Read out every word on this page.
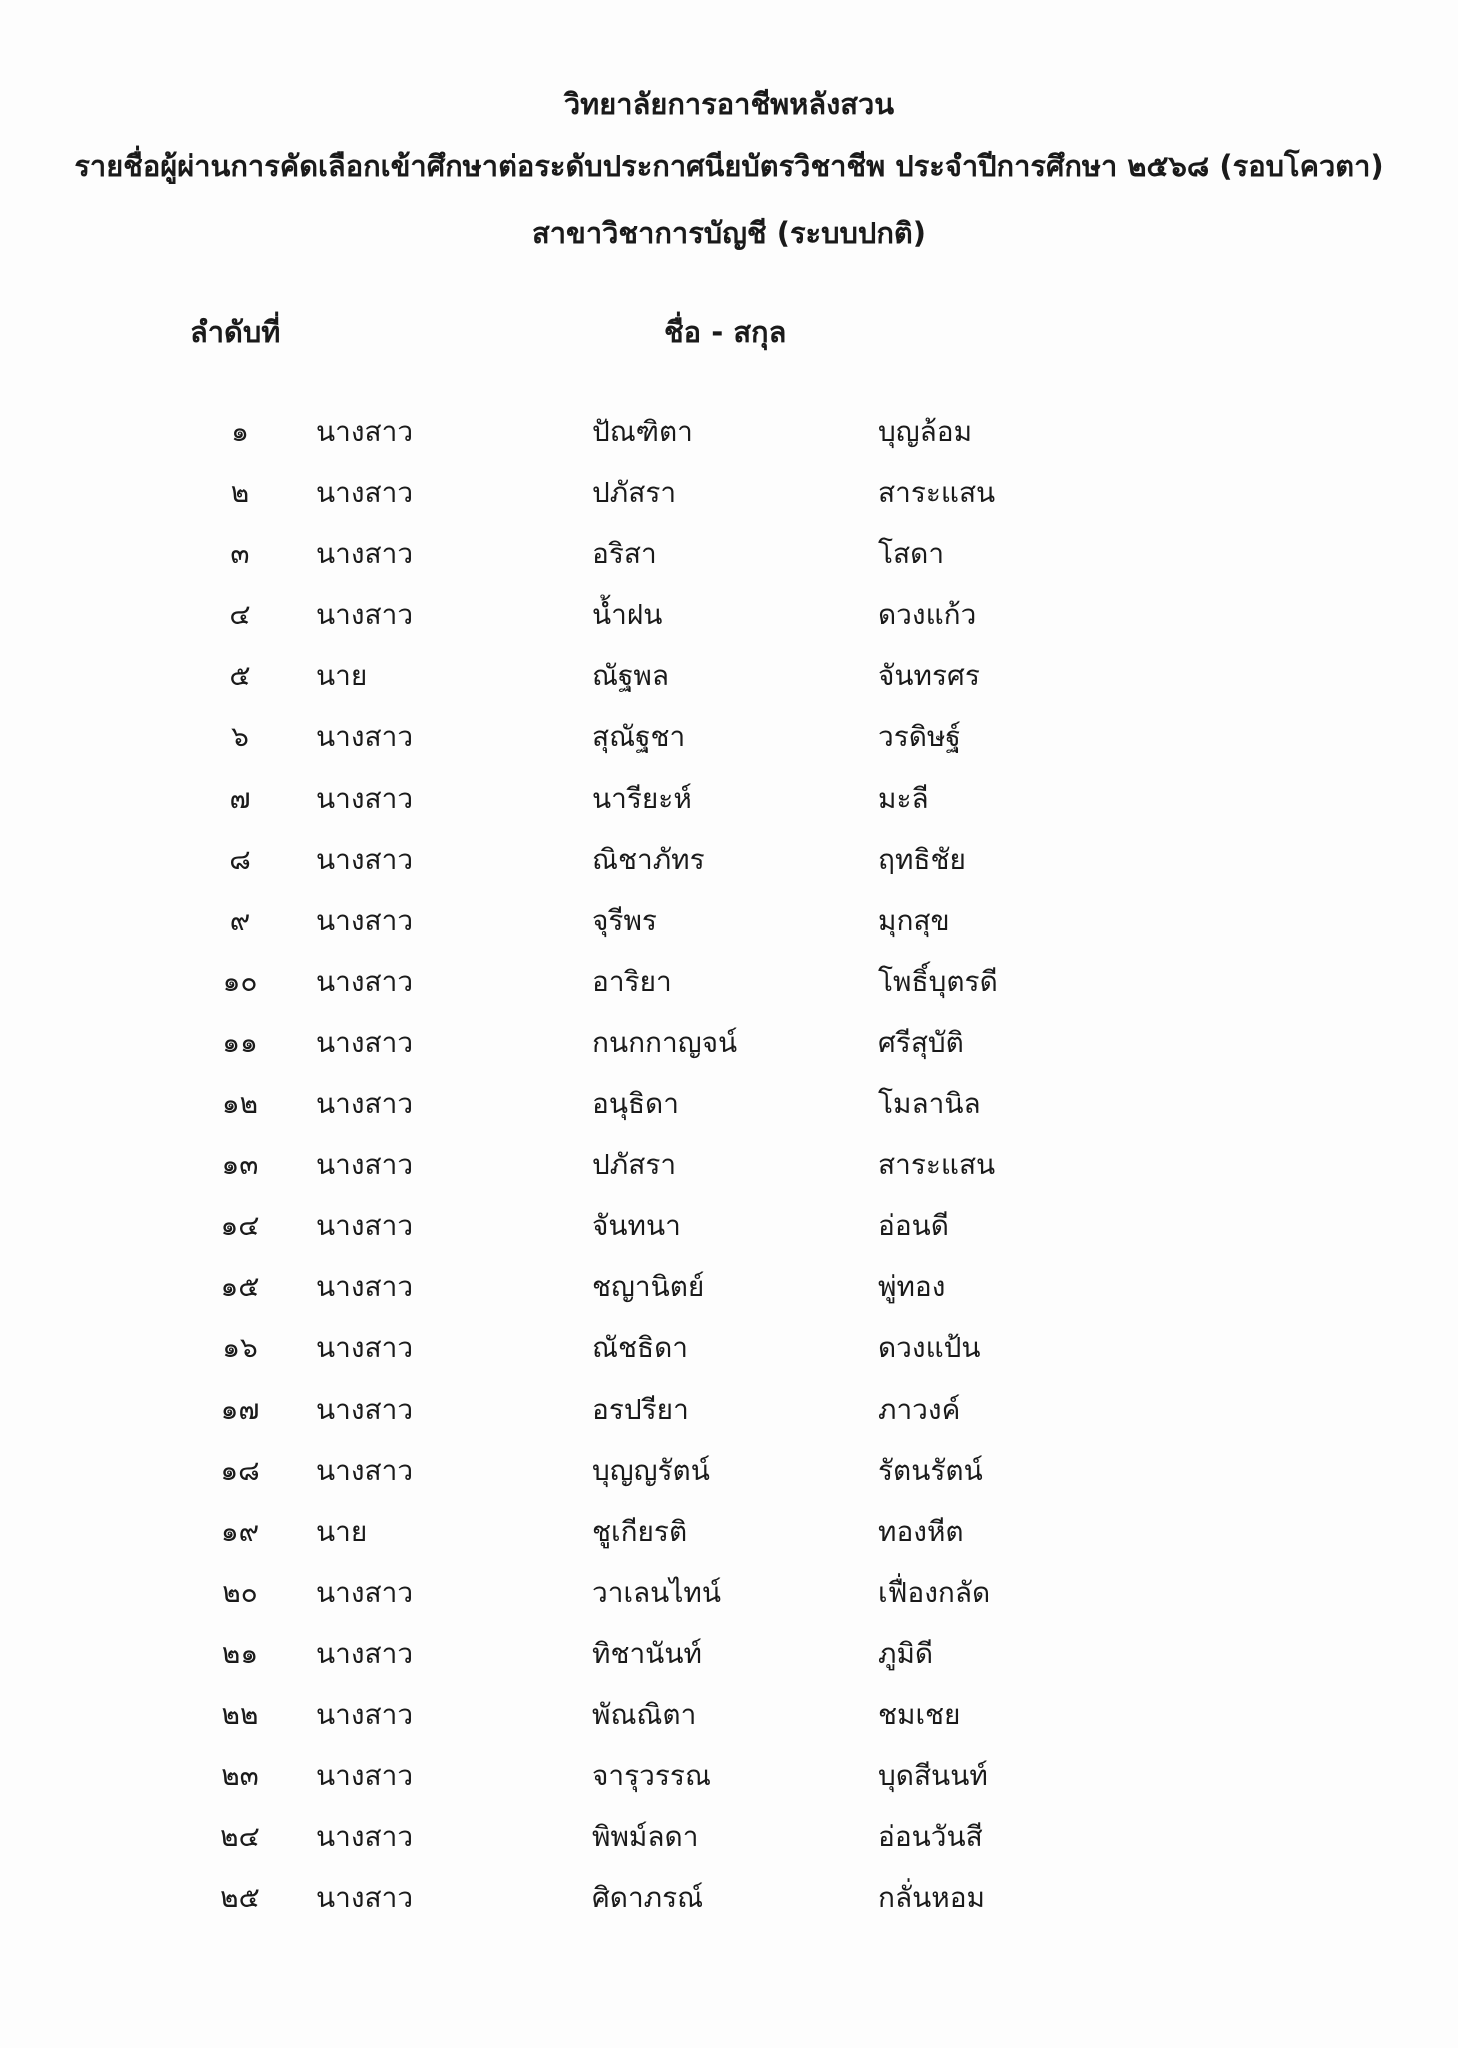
วิทยาลัยการอาชีพหลังสวน
รายชื่อผู้ผ่านการคัดเลือกเข้าศึกษาต่อระดับประกาศนียบัตรวิชาชีพ ประจำปีการศึกษา ๒๕๖๘ (รอบโควตา)
สาขาวิชาการบัญชี (ระบบปกติ)
ลำดับที่	ชื่อ - สกุล
๑	นางสาว	ปัณฑิตา	บุญล้อม
๒	นางสาว	ปภัสรา	สาระแสน
๓	นางสาว	อริสา	โสดา
๔	นางสาว	น้ำฝน	ดวงแก้ว
๕	นาย	ณัฐพล	จันทรศร
๖	นางสาว	สุณัฐชา	วรดิษฐ์
๗	นางสาว	นารียะห์	มะลี
๘	นางสาว	ณิชาภัทร	ฤทธิชัย
๙	นางสาว	จุรีพร	มุกสุข
๑๐	นางสาว	อาริยา	โพธิ์บุตรดี
๑๑	นางสาว	กนกกาญจน์	ศรีสุบัติ
๑๒	นางสาว	อนุธิดา	โมลานิล
๑๓	นางสาว	ปภัสรา	สาระแสน
๑๔	นางสาว	จันทนา	อ่อนดี
๑๕	นางสาว	ชญานิตย์	พู่ทอง
๑๖	นางสาว	ณัชธิดา	ดวงแป้น
๑๗	นางสาว	อรปรียา	ภาวงค์
๑๘	นางสาว	บุญญรัตน์	รัตนรัตน์
๑๙	นาย	ชูเกียรติ	ทองหีต
๒๐	นางสาว	วาเลนไทน์	เฟื่องกลัด
๒๑	นางสาว	ทิชานันท์	ภูมิดี
๒๒	นางสาว	พัณณิตา	ชมเชย
๒๓	นางสาว	จารุวรรณ	บุดสีนนท์
๒๔	นางสาว	พิพม์ลดา	อ่อนวันสี
๒๕	นางสาว	ศิดาภรณ์	กลั่นหอม
